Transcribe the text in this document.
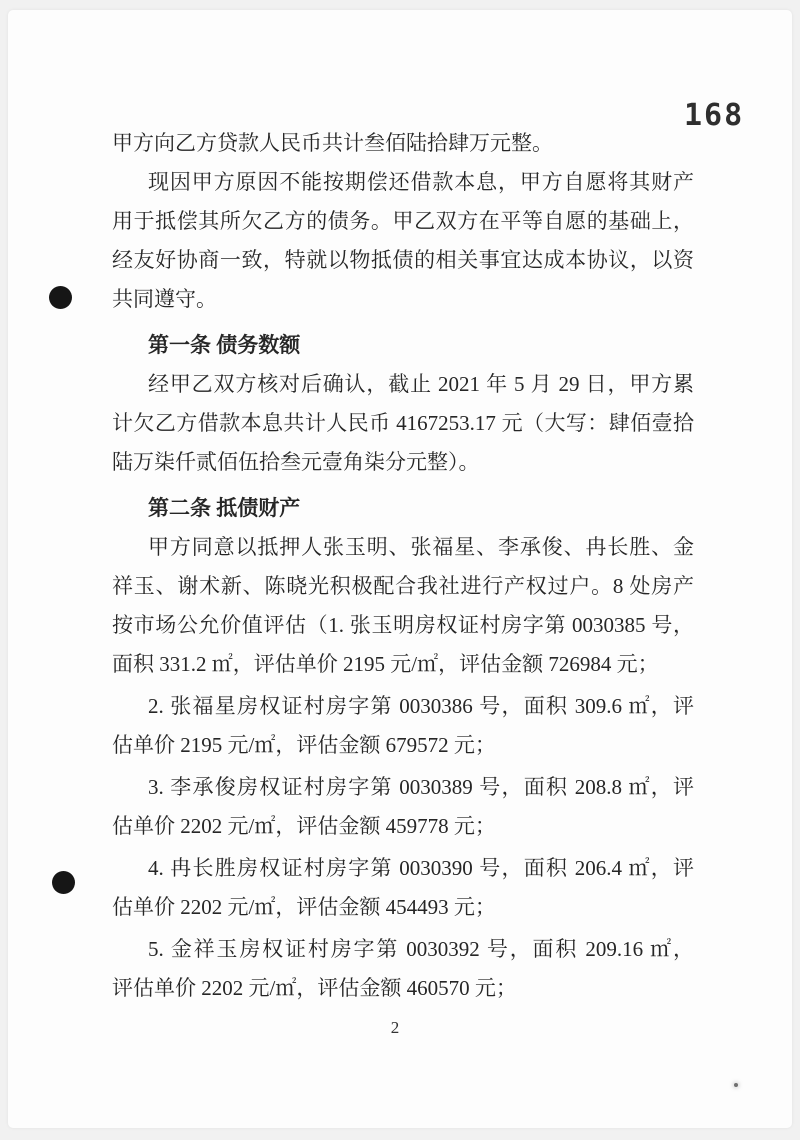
168
甲方向乙方贷款人民币共计叁佰陆拾肆万元整。
现因甲方原因不能按期偿还借款本息，甲方自愿将其财产
用于抵偿其所欠乙方的债务。甲乙双方在平等自愿的基础上，
经友好协商一致，特就以物抵债的相关事宜达成本协议，以资
共同遵守。
第一条 债务数额
经甲乙双方核对后确认，截止 2021 年 5 月 29 日，甲方累
计欠乙方借款本息共计人民币 4167253.17 元（大写：肆佰壹拾
陆万柒仟贰佰伍拾叁元壹角柒分元整）。
第二条 抵债财产
甲方同意以抵押人张玉明、张福星、李承俊、冉长胜、金
祥玉、谢术新、陈晓光积极配合我社进行产权过户。8 处房产
按市场公允价值评估（1. 张玉明房权证村房字第 0030385 号，
面积 331.2 ㎡，评估单价 2195 元/㎡，评估金额 726984 元；
2. 张福星房权证村房字第 0030386 号，面积 309.6 ㎡，评
估单价 2195 元/㎡，评估金额 679572 元；
3. 李承俊房权证村房字第 0030389 号，面积 208.8 ㎡，评
估单价 2202 元/㎡，评估金额 459778 元；
4. 冉长胜房权证村房字第 0030390 号，面积 206.4 ㎡，评
估单价 2202 元/㎡，评估金额 454493 元；
5. 金祥玉房权证村房字第 0030392 号，面积 209.16 ㎡，
评估单价 2202 元/㎡，评估金额 460570 元；
2
